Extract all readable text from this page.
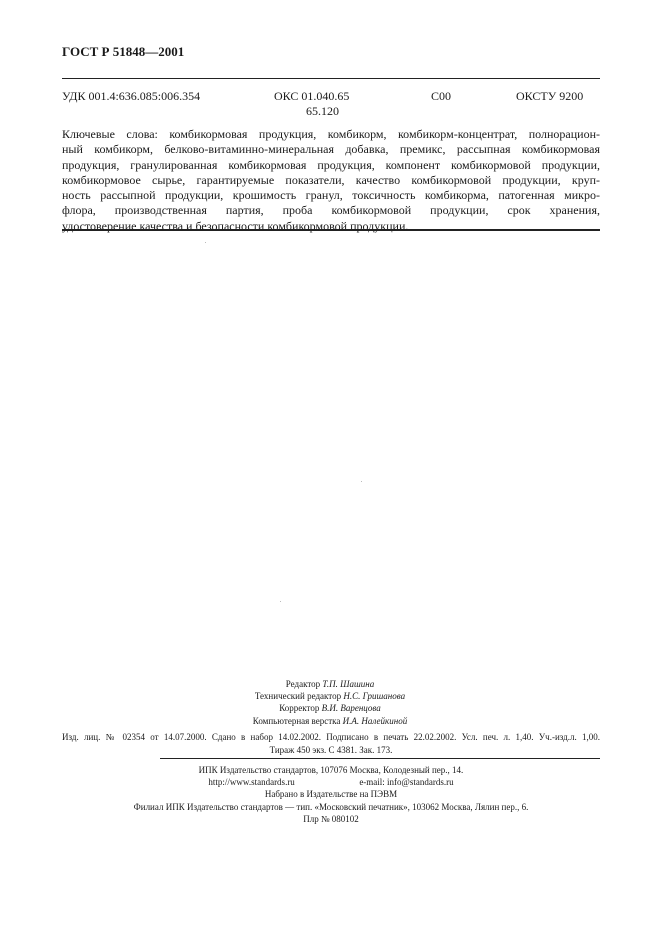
ГОСТ Р 51848—2001
УДК 001.4:636.085:006.354	ОКС 01.040.65
65.120
С00	ОКСТУ 9200
Ключевые слова: комбикормовая продукция, комбикорм, комбикорм-концентрат, полнорацион-
ный комбикорм, белково-витаминно-минеральная добавка, премикс, рассыпная комбикормовая
продукция, гранулированная комбикормовая продукция, компонент комбикормовой продукции,
комбикормовое сырье, гарантируемые показатели, качество комбикормовой продукции, круп-
ность рассыпной продукции, крошимость гранул, токсичность комбикорма, патогенная микро-
флора, производственная партия, проба комбикормовой продукции, срок хранения,
удостоверение качества и безопасности комбикормовой продукции.
Редактор Т.П. Шашина
Технический редактор Н.С. Гришанова
Корректор В.И. Варенцова
Компьютерная верстка И.А. Налейкиной
Изд. лиц. № 02354 от 14.07.2000. Сдано в набор 14.02.2002. Подписано в печать 22.02.2002. Усл. печ. л. 1,40. Уч.-изд.л. 1,00.
Тираж 450 экз. С 4381. Зак. 173.
ИПК Издательство стандартов, 107076 Москва, Колодезный пер., 14.
http://www.standards.ru	e-mail: info@standards.ru
Набрано в Издательстве на ПЭВМ
Филиал ИПК Издательство стандартов — тип. «Московский печатник», 103062 Москва, Лялин пер., 6.
Плр № 080102
